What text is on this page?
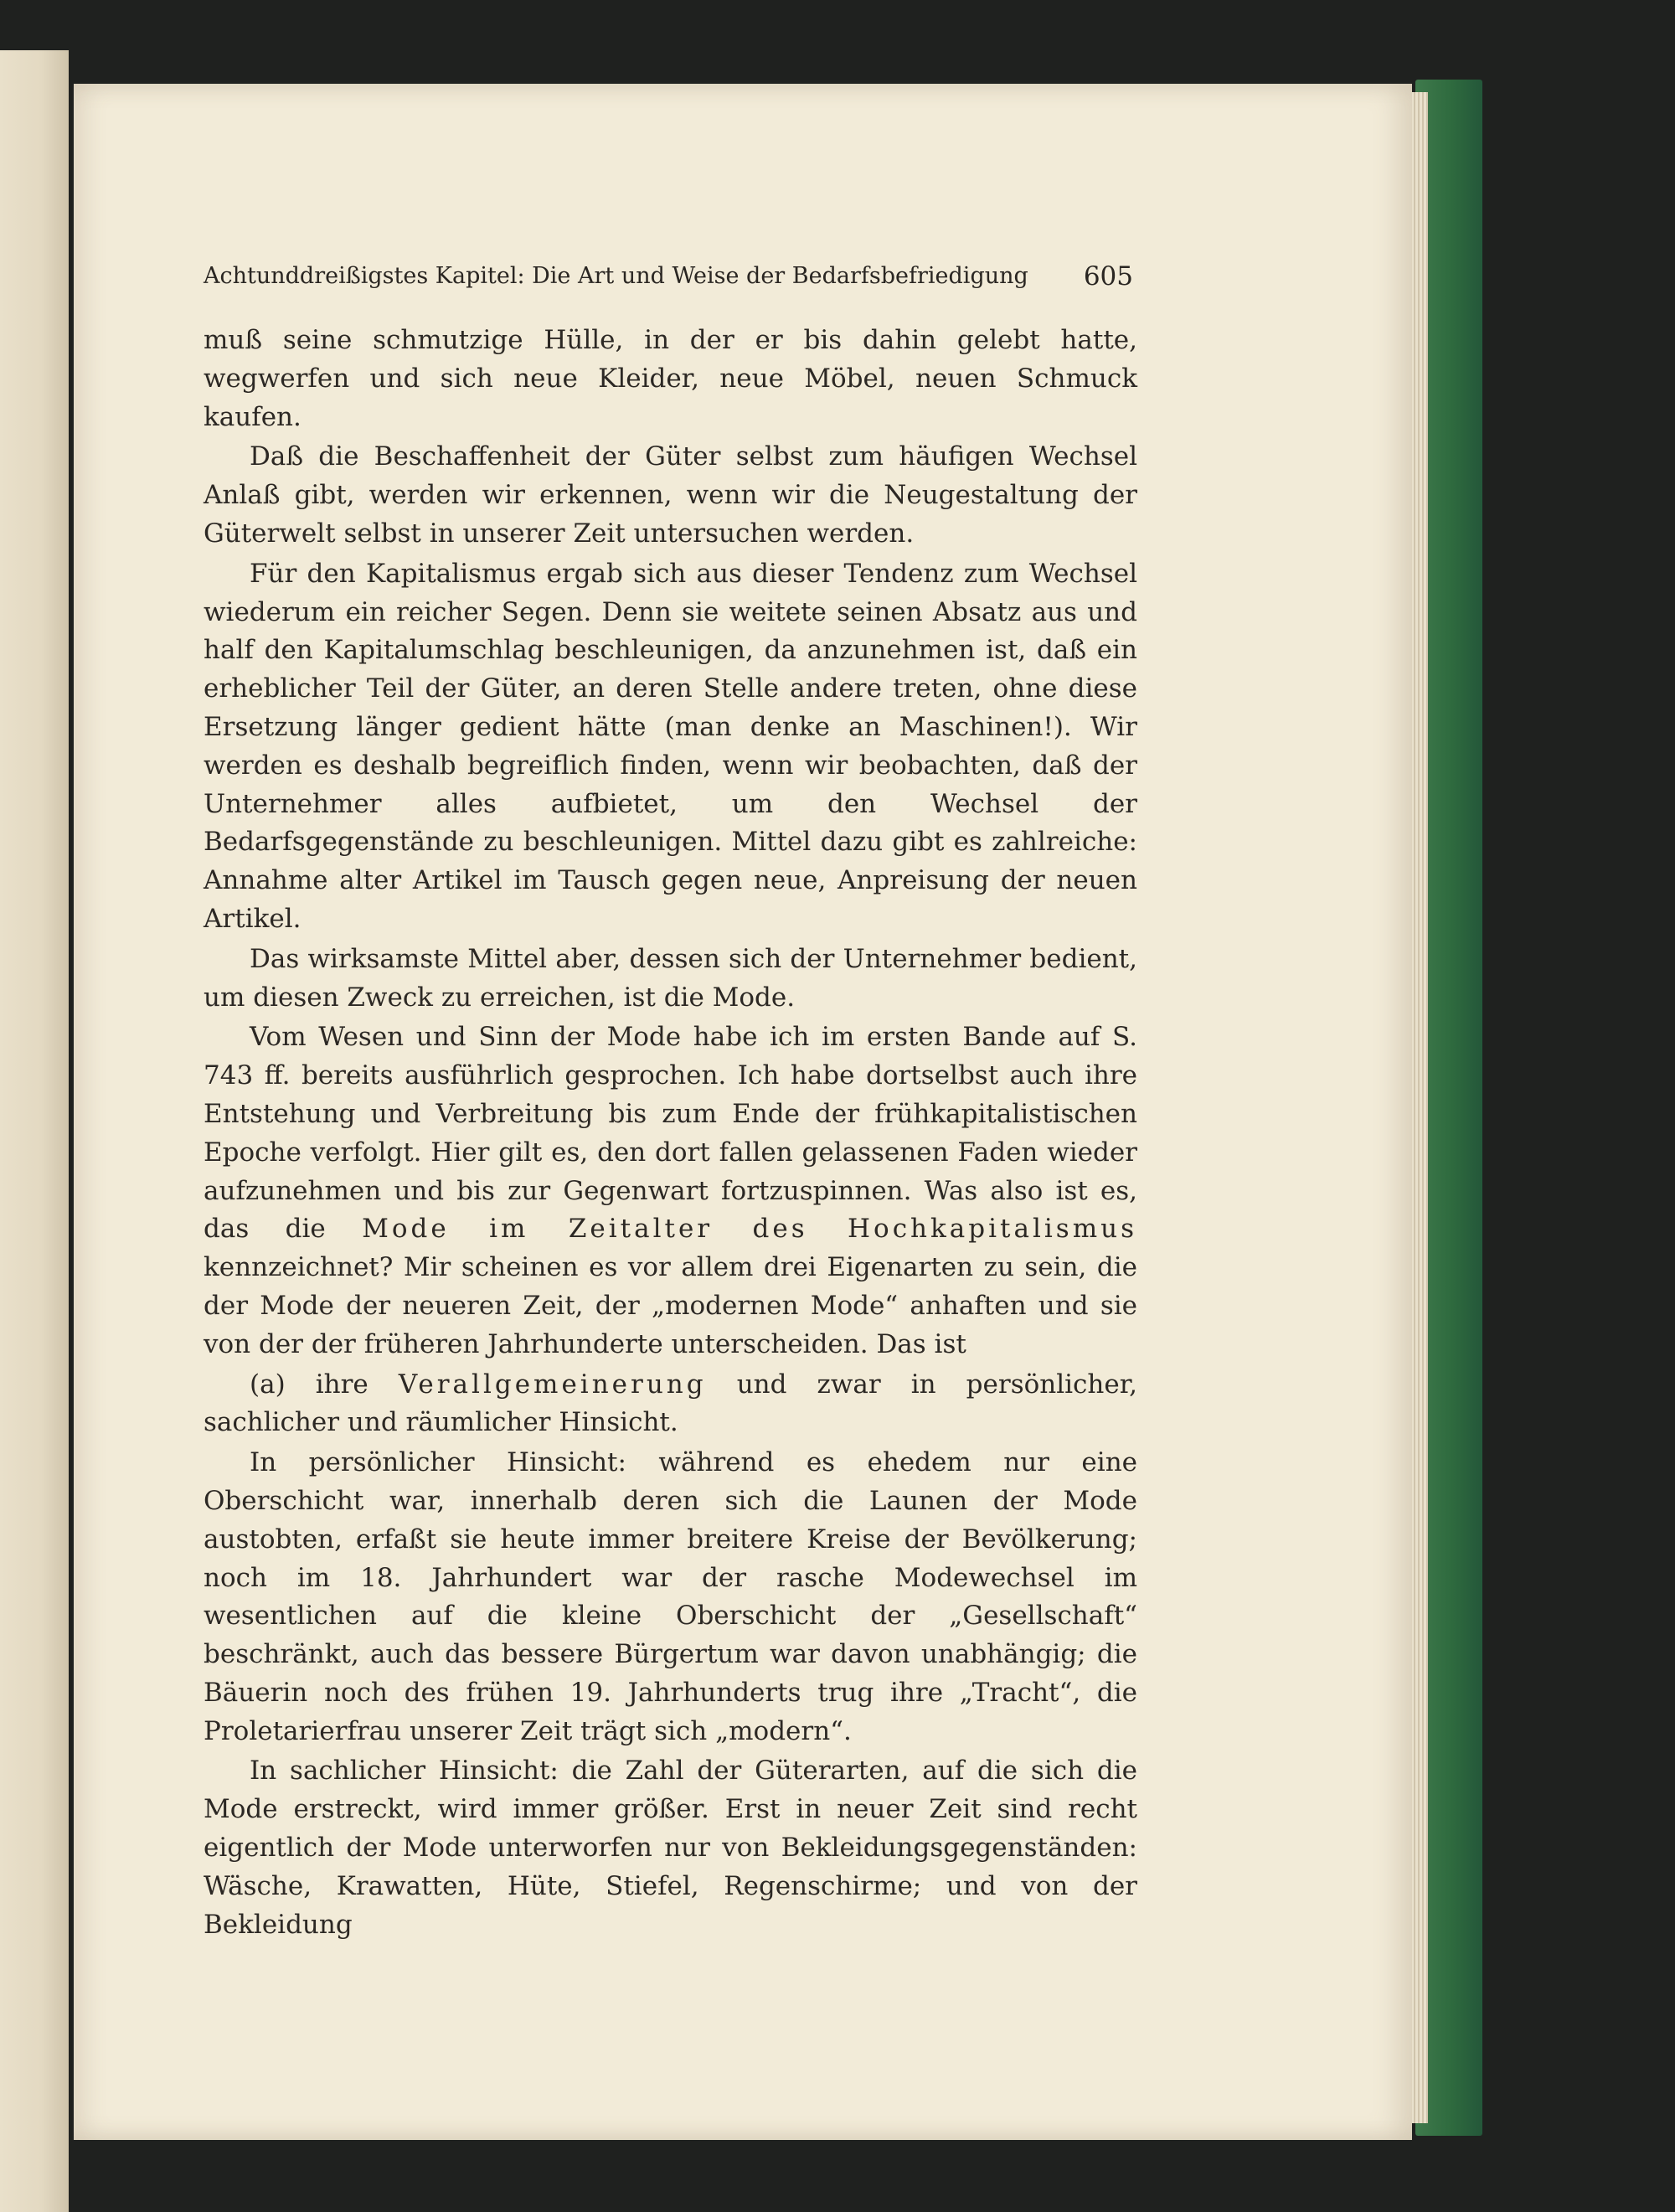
Achtunddreißigstes Kapitel: Die Art und Weise der Bedarfsbefriedigung 605

muß seine schmutzige Hülle, in der er bis dahin gelebt hatte, wegwerfen und sich neue Kleider, neue Möbel, neuen Schmuck kaufen.

Daß die Beschaffenheit der Güter selbst zum häufigen Wechsel Anlaß gibt, werden wir erkennen, wenn wir die Neugestaltung der Güterwelt selbst in unserer Zeit untersuchen werden.

Für den Kapitalismus ergab sich aus dieser Tendenz zum Wechsel wiederum ein reicher Segen. Denn sie weitete seinen Absatz aus und half den Kapitalumschlag beschleunigen, da anzunehmen ist, daß ein erheblicher Teil der Güter, an deren Stelle andere treten, ohne diese Ersetzung länger gedient hätte (man denke an Maschinen!). Wir werden es deshalb begreiflich finden, wenn wir beobachten, daß der Unternehmer alles aufbietet, um den Wechsel der Bedarfsgegenstände zu beschleunigen. Mittel dazu gibt es zahlreiche: Annahme alter Artikel im Tausch gegen neue, Anpreisung der neuen Artikel.

Das wirksamste Mittel aber, dessen sich der Unternehmer bedient, um diesen Zweck zu erreichen, ist die Mode.

Vom Wesen und Sinn der Mode habe ich im ersten Bande auf S. 743 ff. bereits ausführlich gesprochen. Ich habe dortselbst auch ihre Entstehung und Verbreitung bis zum Ende der frühkapitalistischen Epoche verfolgt. Hier gilt es, den dort fallen gelassenen Faden wieder aufzunehmen und bis zur Gegenwart fortzuspinnen. Was also ist es, das die Mode im Zeitalter des Hochkapitalismus kennzeichnet? Mir scheinen es vor allem drei Eigenarten zu sein, die der Mode der neueren Zeit, der „modernen Mode“ anhaften und sie von der der früheren Jahrhunderte unterscheiden. Das ist

(a) ihre Verallgemeinerung und zwar in persönlicher, sachlicher und räumlicher Hinsicht.

In persönlicher Hinsicht: während es ehedem nur eine Oberschicht war, innerhalb deren sich die Launen der Mode austobten, erfaßt sie heute immer breitere Kreise der Bevölkerung; noch im 18. Jahrhundert war der rasche Modewechsel im wesentlichen auf die kleine Oberschicht der „Gesellschaft“ beschränkt, auch das bessere Bürgertum war davon unabhängig; die Bäuerin noch des frühen 19. Jahrhunderts trug ihre „Tracht“, die Proletarierfrau unserer Zeit trägt sich „modern“.

In sachlicher Hinsicht: die Zahl der Güterarten, auf die sich die Mode erstreckt, wird immer größer. Erst in neuer Zeit sind recht eigentlich der Mode unterworfen nur von Bekleidungsgegenständen: Wäsche, Krawatten, Hüte, Stiefel, Regenschirme; und von der Bekleidung
